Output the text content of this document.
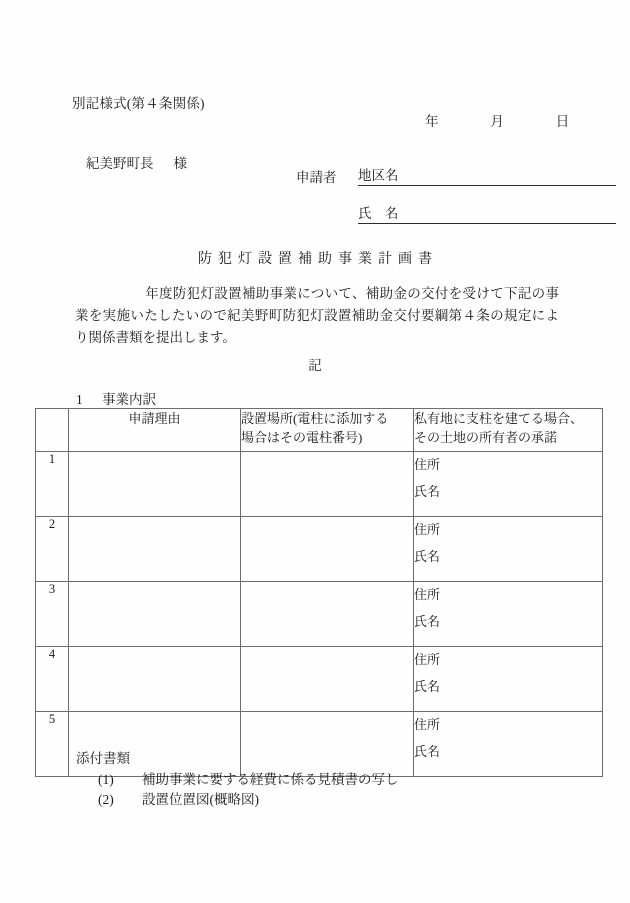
別記様式(第４条関係)
年	月	日
紀美野町長 様
申請者	地区名
氏　名
防犯灯設置補助事業計画書
年度防犯灯設置補助事業について、補助金の交付を受けて下記の事業を実施いたしたいので紀美野町防犯灯設置補助金交付要綱第４条の規定により関係書類を提出します。
記
1 事業内訳
	申請理由	設置場所(電柱に添加する
場合はその電柱番号)	私有地に支柱を建てる場合、
その土地の所有者の承諾

1			住所
氏名

2			住所
氏名

3			住所
氏名

4			住所
氏名

5			住所
氏名
添付書類
(1) 補助事業に要する経費に係る見積書の写し
(2) 設置位置図(概略図)
